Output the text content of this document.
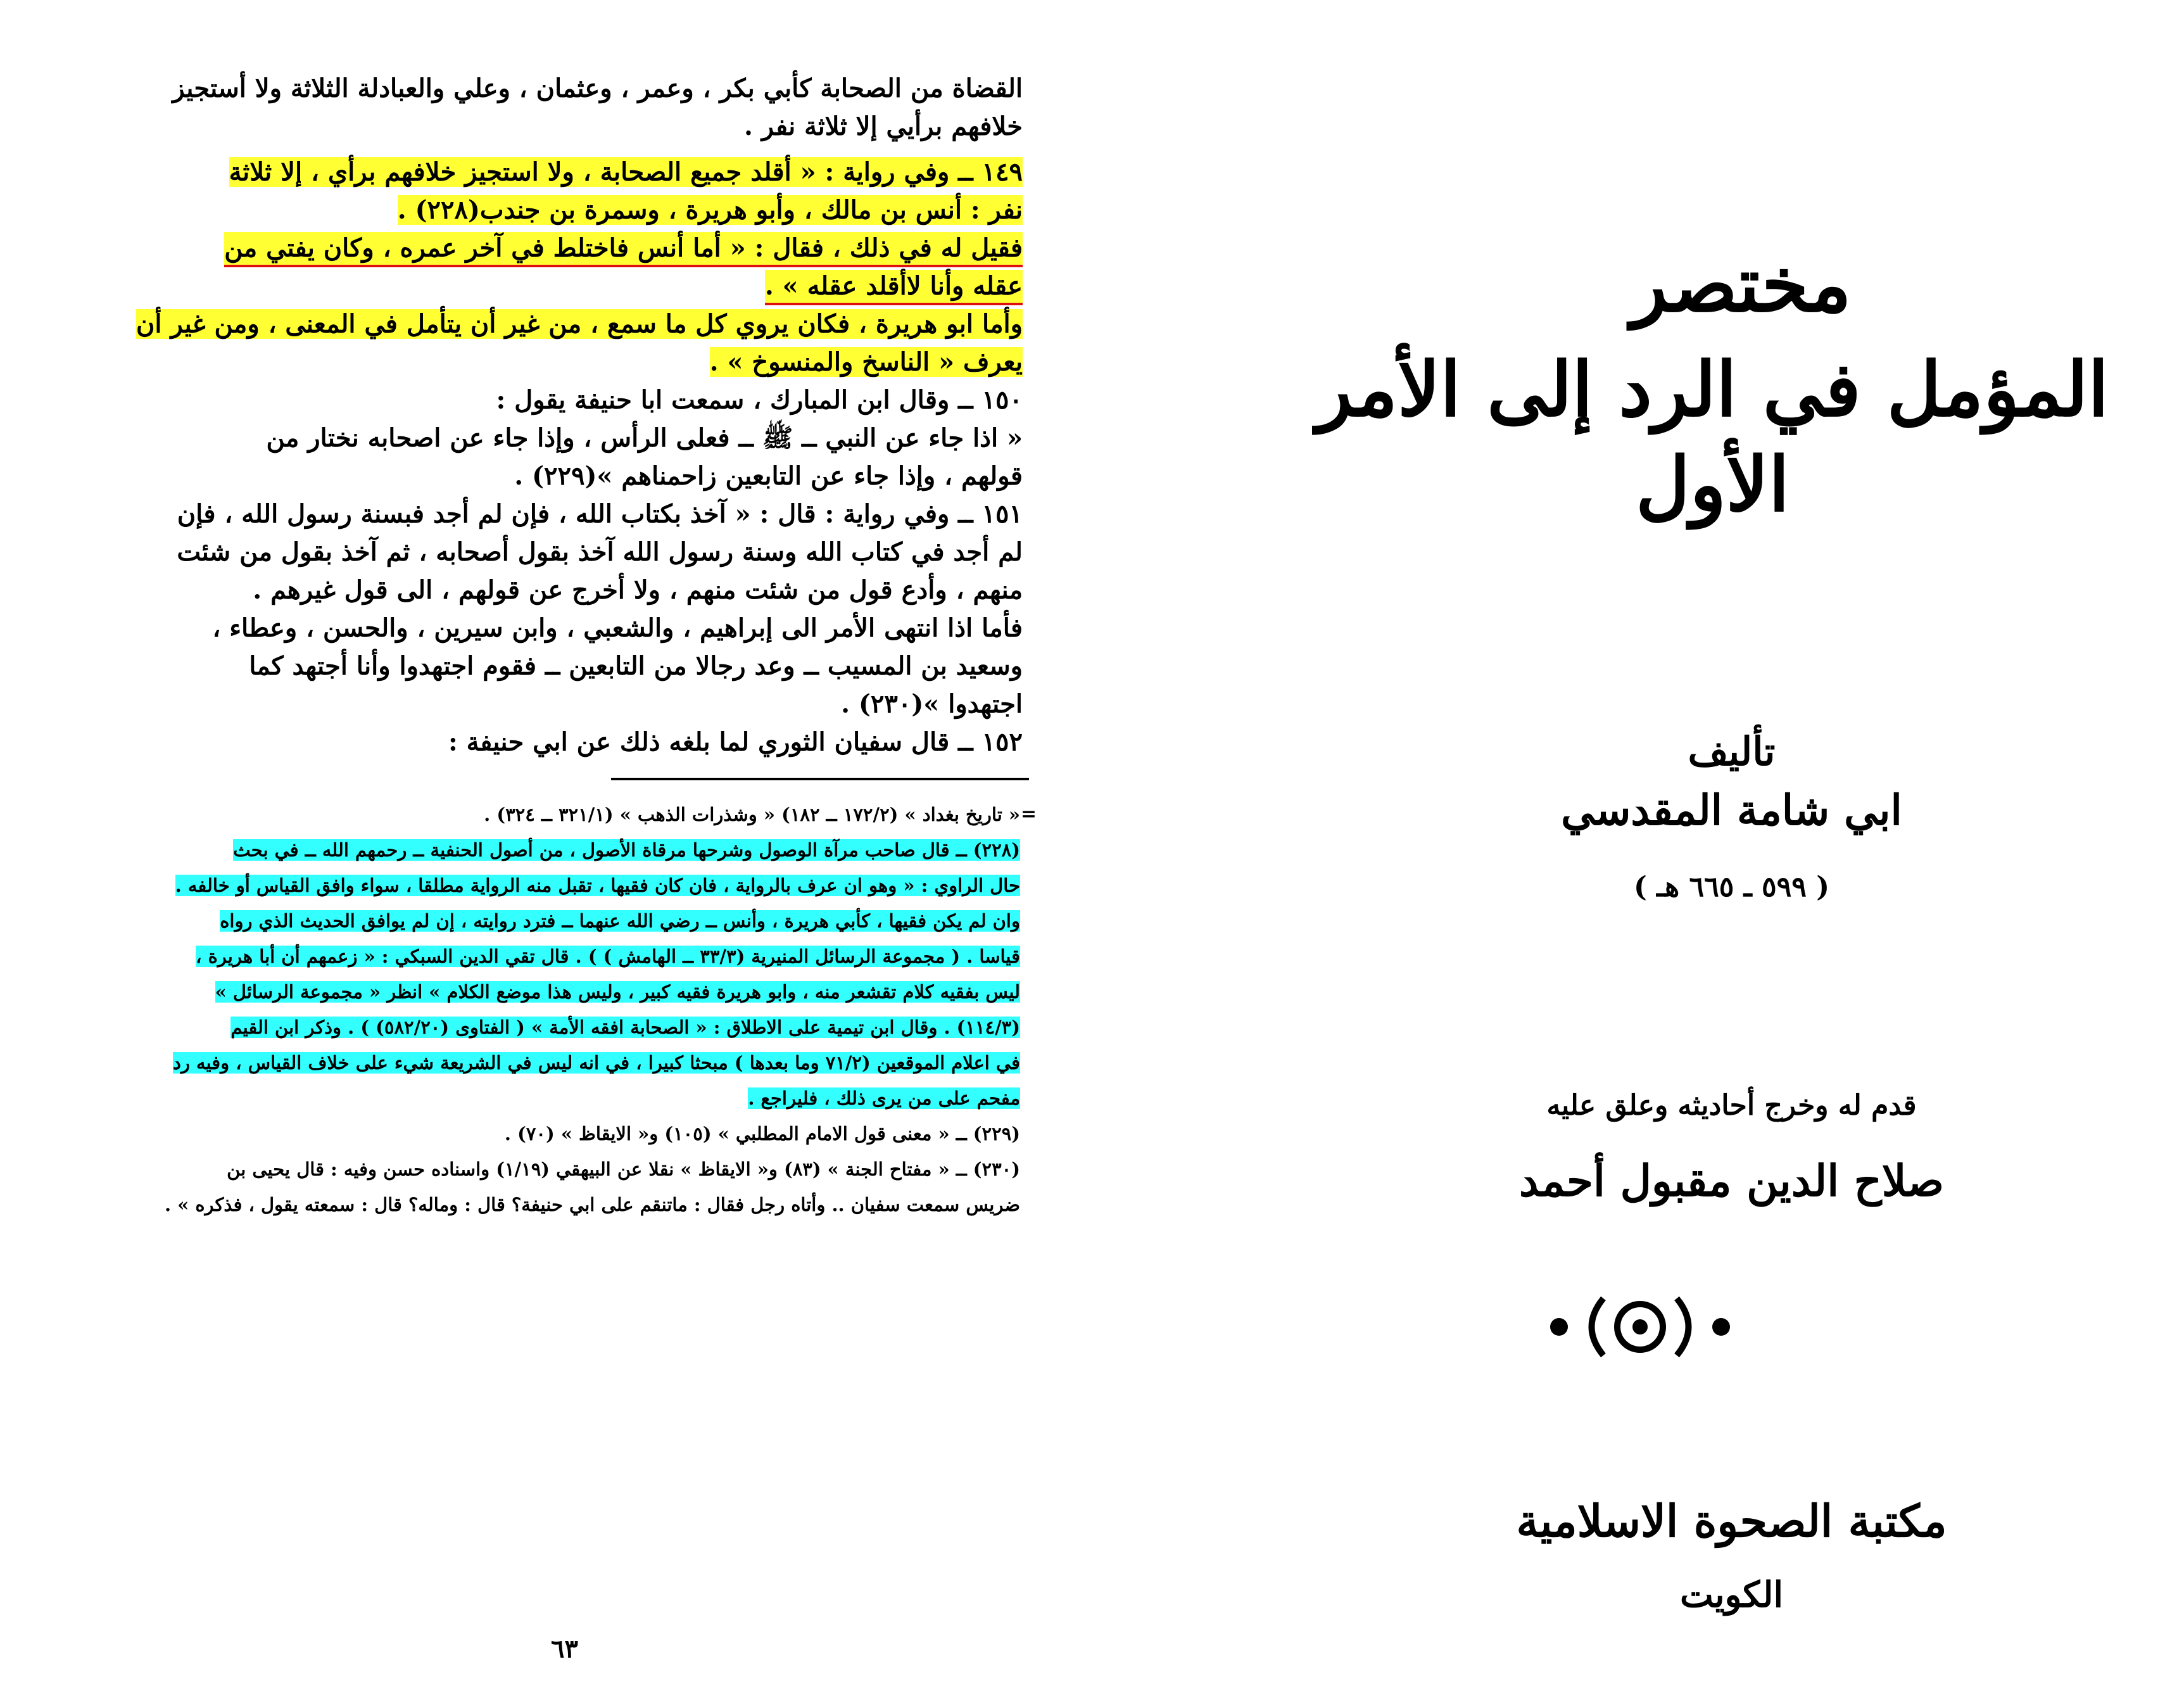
القضاة من الصحابة كأبي بكر ، وعمر ، وعثمان ، وعلي والعبادلة الثلاثة ولا أستجيز

خلافهم برأيي إلا ثلاثة نفر .

١٤٩ ــ وفي رواية : « أقلد جميع الصحابة ، ولا استجيز خلافهم برأي ، إلا ثلاثة

نفر : أنس بن مالك ، وأبو هريرة ، وسمرة بن جندب(٢٢٨) .

فقيل له في ذلك ، فقال : « أما أنس فاختلط في آخر عمره ، وكان يفتي من

عقله وأنا لاأقلد عقله » .

وأما ابو هريرة ، فكان يروي كل ما سمع ، من غير أن يتأمل في المعنى ، ومن غير أن

يعرف « الناسخ والمنسوخ » .

١٥٠ ــ وقال ابن المبارك ، سمعت ابا حنيفة يقول :

« اذا جاء عن النبي ــ ﷺ ــ فعلى الرأس ، وإذا جاء عن اصحابه نختار من

قولهم ، وإذا جاء عن التابعين زاحمناهم »(٢٢٩) .

١٥١ ــ وفي رواية : قال : « آخذ بكتاب الله ، فإن لم أجد فبسنة رسول الله ، فإن

لم أجد في كتاب الله وسنة رسول الله آخذ بقول أصحابه ، ثم آخذ بقول من شئت

منهم ، وأدع قول من شئت منهم ، ولا أخرج عن قولهم ، الى قول غيرهم .

فأما اذا انتهى الأمر الى إبراهيم ، والشعبي ، وابن سيرين ، والحسن ، وعطاء ،

وسعيد بن المسيب ــ وعد رجالا من التابعين ــ فقوم اجتهدوا وأنا أجتهد كما

اجتهدوا »(٢٣٠) .

١٥٢ ــ قال سفيان الثوري لما بلغه ذلك عن ابي حنيفة :

=
« تاريخ بغداد » (١٧٢/٢ ــ ١٨٢) « وشذرات الذهب » (٣٢١/١ ــ ٣٢٤) .

(٢٢٨) ــ قال صاحب مرآة الوصول وشرحها مرقاة الأصول ، من أصول الحنفية ــ رحمهم الله ــ في بحث

حال الراوي : « وهو ان عرف بالرواية ، فان كان فقيها ، تقبل منه الرواية مطلقا ، سواء وافق القياس أو خالفه .

وان لم يكن فقيها ، كأبي هريرة ، وأنس ــ رضي الله عنهما ــ فترد روايته ، إن لم يوافق الحديث الذي رواه

قياسا . ( مجموعة الرسائل المنيرية (٣٣/٣ ــ الهامش ) ) . قال تقي الدين السبكي : « زعمهم أن أبا هريرة ،

ليس بفقيه كلام تقشعر منه ، وابو هريرة فقيه كبير ، وليس هذا موضع الكلام » انظر « مجموعة الرسائل »

(١١٤/٣) . وقال ابن تيمية على الاطلاق : « الصحابة افقه الأمة » ( الفتاوى (٥٨٢/٢٠) ) . وذكر ابن القيم

في اعلام الموقعين (٧١/٢ وما بعدها ) مبحثا كبيرا ، في انه ليس في الشريعة شيء على خلاف القياس ، وفيه رد

مفحم على من يرى ذلك ، فليراجع .

(٢٢٩) ــ « معنى قول الامام المطلبي » (١٠٥) و« الايقاظ » (٧٠) .

(٢٣٠) ــ « مفتاح الجنة » (٨٣) و« الايقاظ » نقلا عن البيهقي (١/١٩) واسناده حسن وفيه : قال يحيى بن

ضريس سمعت سفيان .. وأتاه رجل فقال : ماتنقم على ابي حنيفة؟ قال : وماله؟ قال : سمعته يقول ، فذكره » .

٦٣
مختصر
المؤمل في الرد إلى الأمر الأول
تأليف
ابي شامة المقدسي
( ٥٩٩ ـ ٦٦٥ هـ )
قدم له وخرج أحاديثه وعلق عليه
صلاح الدين مقبول أحمد
مكتبة الصحوة الاسلامية
الكويت
